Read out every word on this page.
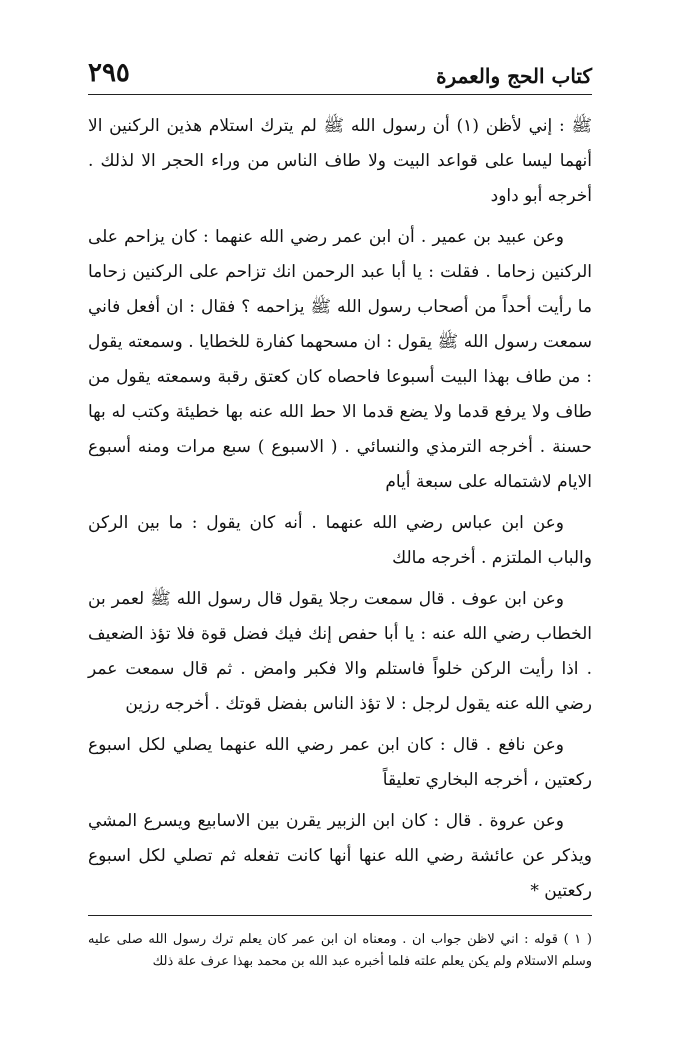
كتاب الحج والعمرة
٢٩٥

ﷺ : إني لأظن (١) أن رسول الله ﷺ لم يترك استلام هذين الركنين الا أنهما ليسا على قواعد البيت ولا طاف الناس من وراء الحجر الا لذلك . أخرجه أبو داود

وعن عبيد بن عمير . أن ابن عمر رضي الله عنهما : كان يزاحم على الركنين زحاما . فقلت : يا أبا عبد الرحمن انك تزاحم على الركنين زحاما ما رأيت أحداً من أصحاب رسول الله ﷺ يزاحمه ؟ فقال : ان أفعل فاني سمعت رسول الله ﷺ يقول : ان مسحهما كفارة للخطايا . وسمعته يقول : من طاف بهذا البيت أسبوعا فاحصاه كان كعتق رقبة وسمعته يقول من طاف ولا يرفع قدما ولا يضع قدما الا حط الله عنه بها خطيئة وكتب له بها حسنة . أخرجه الترمذي والنسائي . ( الاسبوع ) سبع مرات ومنه أسبوع الايام لاشتماله على سبعة أيام

وعن ابن عباس رضي الله عنهما . أنه كان يقول : ما بين الركن والباب الملتزم . أخرجه مالك

وعن ابن عوف . قال سمعت رجلا يقول قال رسول الله ﷺ لعمر بن الخطاب رضي الله عنه : يا أبا حفص إنك فيك فضل قوة فلا تؤذ الضعيف . اذا رأيت الركن خلواً فاستلم والا فكبر وامض . ثم قال سمعت عمر رضي الله عنه يقول لرجل : لا تؤذ الناس بفضل قوتك . أخرجه رزين

وعن نافع . قال : كان ابن عمر رضي الله عنهما يصلي لكل اسبوع ركعتين ، أخرجه البخاري تعليقاً

وعن عروة . قال : كان ابن الزبير يقرن بين الاسابيع ويسرع المشي ويذكر عن عائشة رضي الله عنها أنها كانت تفعله ثم تصلي لكل اسبوع ركعتين *

( ١ ) قوله : اني لاظن جواب ان . ومعناه ان ابن عمر كان يعلم ترك رسول الله صلى عليه وسلم الاستلام ولم يكن يعلم علته فلما أخبره عبد الله بن محمد بهذا عرف علة ذلك
